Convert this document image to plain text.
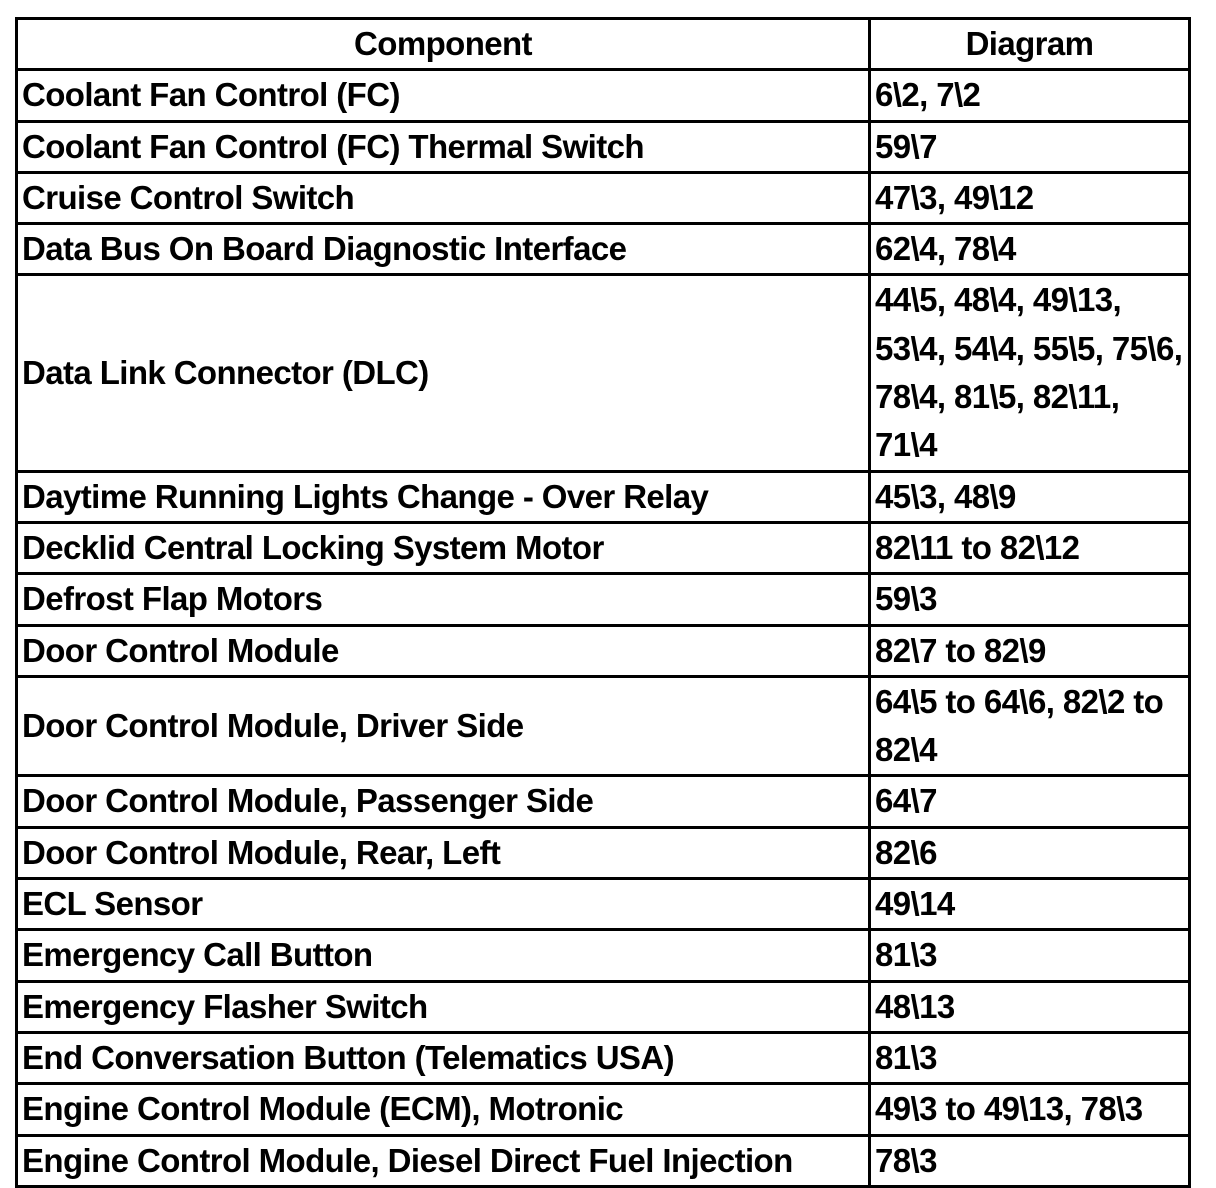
Component	Diagram
Coolant Fan Control (FC)	6\2, 7\2
Coolant Fan Control (FC) Thermal Switch	59\7
Cruise Control Switch	47\3, 49\12
Data Bus On Board Diagnostic Interface	62\4, 78\4
Data Link Connector (DLC)	44\5, 48\4, 49\13, 53\4, 54\4, 55\5, 75\6, 78\4, 81\5, 82\11, 71\4
Daytime Running Lights Change - Over Relay	45\3, 48\9
Decklid Central Locking System Motor	82\11 to 82\12
Defrost Flap Motors	59\3
Door Control Module	82\7 to 82\9
Door Control Module, Driver Side	64\5 to 64\6, 82\2 to 82\4
Door Control Module, Passenger Side	64\7
Door Control Module, Rear, Left	82\6
ECL Sensor	49\14
Emergency Call Button	81\3
Emergency Flasher Switch	48\13
End Conversation Button (Telematics USA)	81\3
Engine Control Module (ECM), Motronic	49\3 to 49\13, 78\3
Engine Control Module, Diesel Direct Fuel Injection	78\3
